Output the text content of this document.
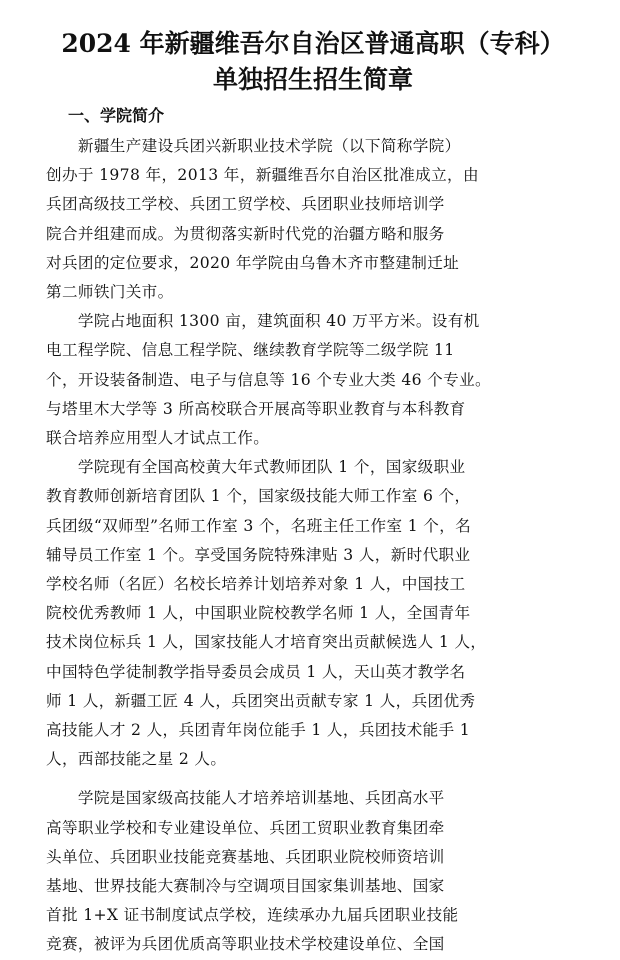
2024 年新疆维吾尔自治区普通高职（专科）
单独招生招生简章
一、学院简介

　　新疆生产建设兵团兴新职业技术学院（以下简称学院）
创办于 1978 年，2013 年，新疆维吾尔自治区批准成立，由
兵团高级技工学校、兵团工贸学校、兵团职业技师培训学
院合并组建而成。为贯彻落实新时代党的治疆方略和服务
对兵团的定位要求，2020 年学院由乌鲁木齐市整建制迁址
第二师铁门关市。

　　学院占地面积 1300 亩，建筑面积 40 万平方米。设有机
电工程学院、信息工程学院、继续教育学院等二级学院 11
个，开设装备制造、电子与信息等 16 个专业大类 46 个专业。
与塔里木大学等 3 所高校联合开展高等职业教育与本科教育
联合培养应用型人才试点工作。

　　学院现有全国高校黄大年式教师团队 1 个，国家级职业
教育教师创新培育团队 1 个，国家级技能大师工作室 6 个，
兵团级“双师型”名师工作室 3 个，名班主任工作室 1 个，名
辅导员工作室 1 个。享受国务院特殊津贴 3 人，新时代职业
学校名师（名匠）名校长培养计划培养对象 1 人，中国技工
院校优秀教师 1 人，中国职业院校教学名师 1 人，全国青年
技术岗位标兵 1 人，国家技能人才培育突出贡献候选人 1 人，
中国特色学徒制教学指导委员会成员 1 人，天山英才教学名
师 1 人，新疆工匠 4 人，兵团突出贡献专家 1 人，兵团优秀
高技能人才 2 人，兵团青年岗位能手 1 人，兵团技术能手 1
人，西部技能之星 2 人。

　　学院是国家级高技能人才培养培训基地、兵团高水平
高等职业学校和专业建设单位、兵团工贸职业教育集团牵
头单位、兵团职业技能竞赛基地、兵团职业院校师资培训
基地、世界技能大赛制冷与空调项目国家集训基地、国家
首批 1+X 证书制度试点学校，连续承办九届兵团职业技能
竞赛，被评为兵团优质高等职业技术学校建设单位、全国
